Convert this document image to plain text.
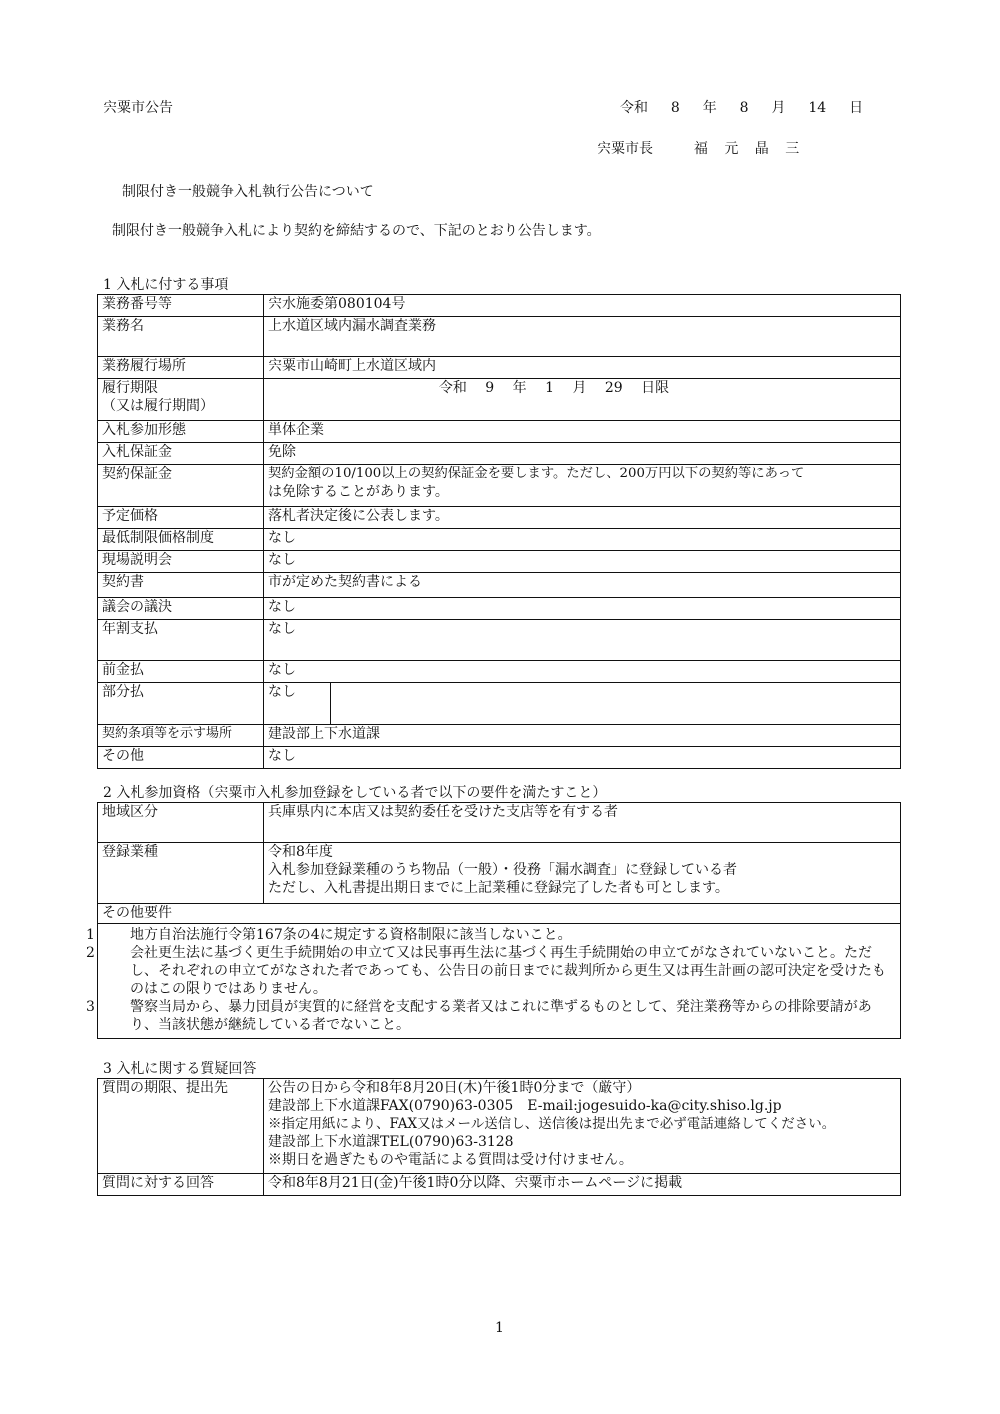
宍粟市公告	令和 8 年 8 月 14 日
宍粟市長	福 元 晶 三
制限付き一般競争入札執行公告について
制限付き一般競争入札により契約を締結するので、下記のとおり公告します。
1 入札に付する事項
業務番号等	宍水施委第080104号
業務名	上水道区域内漏水調査業務
業務履行場所	宍粟市山崎町上水道区域内

履行期限
（又は履行期間）	令和　 9 　年　 1 　月　 29 　日限
入札参加形態	単体企業
入札保証金	免除
契約保証金	契約金額の10/100以上の契約保証金を要します。ただし、200万円以下の契約等にあって
は免除することがあります。

予定価格	落札者決定後に公表します。
最低制限価格制度	なし
現場説明会	なし
契約書	市が定めた契約書による
議会の議決	なし
年割支払	なし
前金払	なし
部分払	なし

契約条項等を示す場所	建設部上下水道課
その他	なし
2 入札参加資格（宍粟市入札参加登録をしている者で以下の要件を満たすこと）
地域区分	兵庫県内に本店又は契約委任を受けた支店等を有する者
登録業種	令和8年度
入札参加登録業種のうち物品（一般）・役務「漏水調査」に登録している者
ただし、入札書提出期日までに上記業種に登録完了した者も可とします。

その他要件	

1 地方自治法施行令第167条の4に規定する資格制限に該当しないこと。

2 会社更生法に基づく更生手続開始の申立て又は民事再生法に基づく再生手続開始の申立てがなされていないこと。ただし、それぞれの申立てがなされた者であっても、公告日の前日までに裁判所から更生又は再生計画の認可決定を受けたものはこの限りではありません。

3 警察当局から、暴力団員が実質的に経営を支配する業者又はこれに準ずるものとして、発注業務等からの排除要請があり、当該状態が継続している者でないこと。	

3 入札に関する質疑回答
質問の期限、提出先	公告の日から令和8年8月20日(木)午後1時0分まで（厳守）
建設部上下水道課FAX(0790)63-0305　E-mail:jogesuido-ka@city.shiso.lg.jp
※指定用紙により、FAX又はメール送信し、送信後は提出先まで必ず電話連絡してください。
建設部上下水道課TEL(0790)63-3128
※期日を過ぎたものや電話による質問は受け付けません。

質問に対する回答	令和8年8月21日(金)午後1時0分以降、宍粟市ホームページに掲載
1
